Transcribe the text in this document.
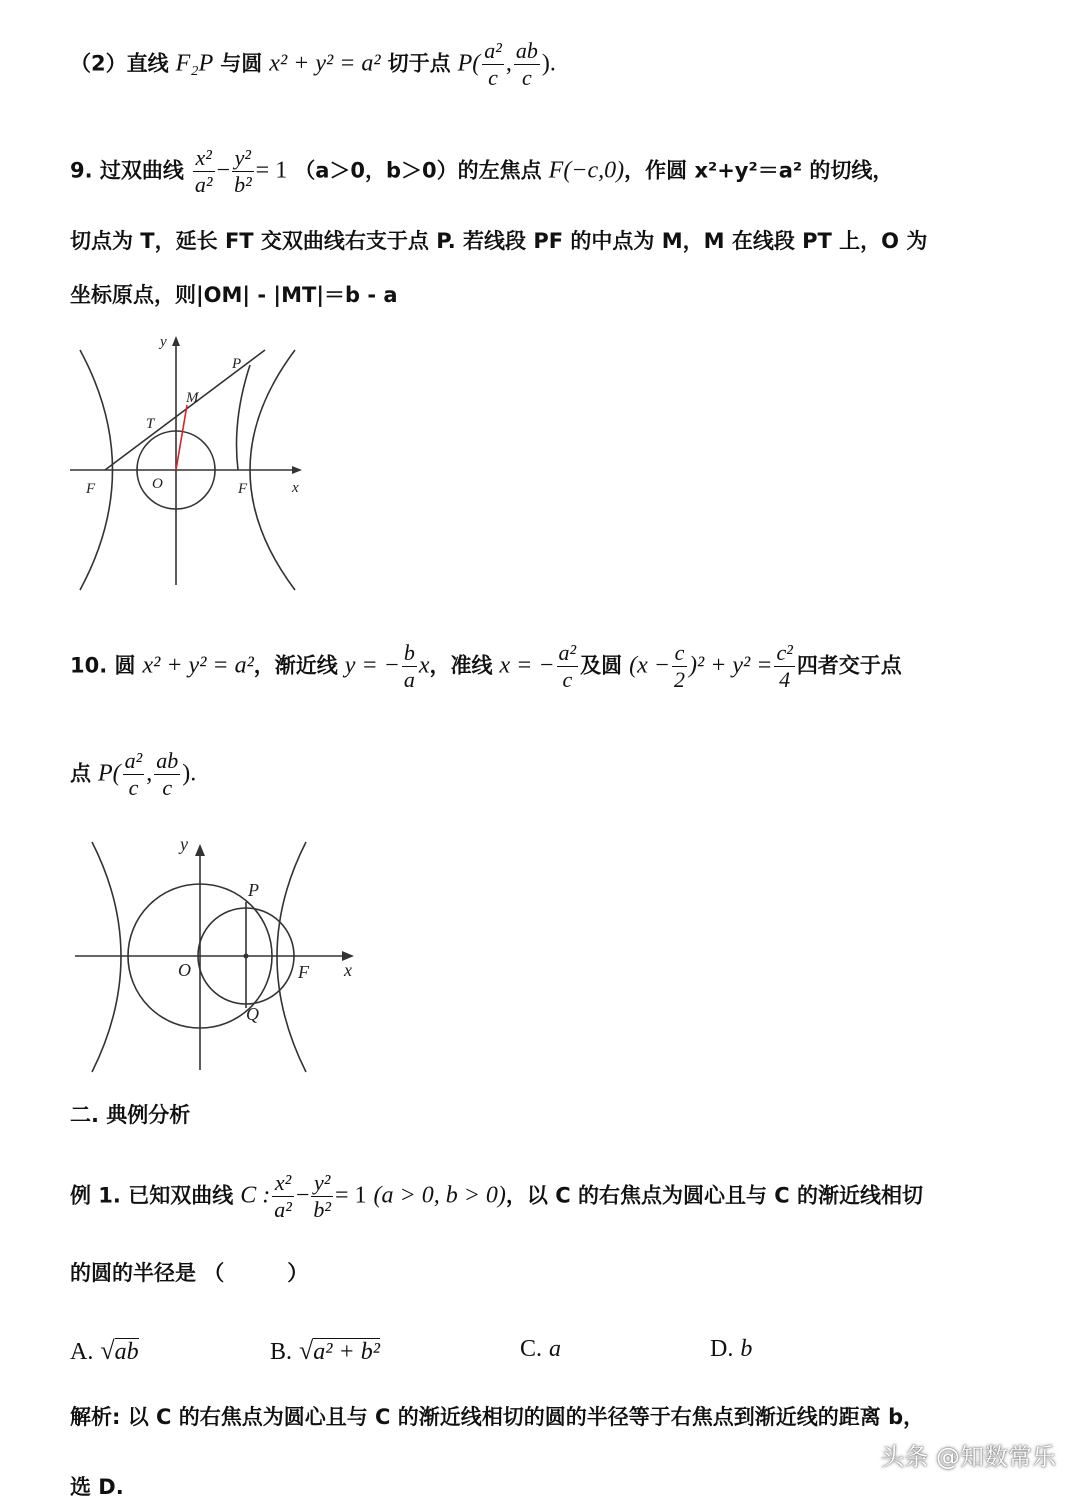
（2）直线 F₂P 与圆 x² + y² = a² 切于点 $P( \frac{\text{a²}}{c}$ , $\frac{ab}{c}$ ).
9. 过双曲线 $\frac{\text{x²}}{\text{a²}} - \frac{\text{y²}}{\text{b²}} = 1$ （a＞0，b＞0）的左焦点 F(−c,0)，作圆 x²+y²＝a² 的切线，
切点为 T，延长 FT 交双曲线右支于点 P. 若线段 PF 的中点为 M，M 在线段 PT 上，O 为
坐标原点，则|OM| - |MT|＝b - a
y
x
P
M
T
F	O	F
10. 圆 x² + y² = a²，渐近线 y = − $\frac{b}{a}$ x，准线 x = − $\frac{\text{a²}}{c}$ 及圆 $(x - \frac{c}{2} )^2 + y^2 = \frac{\text{c²}}{4}$ 四者交于点
点 $P( \frac{\text{a²}}{c}$ , $\frac{ab}{c}$ ).
y
x
P
O	F
Q
二. 典例分析
例 1. 已知双曲线 C : $\frac{\text{x²}}{\text{a²}} - \frac{\text{y²}}{\text{b²}} = 1$ (a > 0, b > 0)，以 C 的右焦点为圆心且与 C 的渐近线相切
的圆的半径是 （　　　）
A. √ab	B. √a² + b²	C. a	D. b
解析: 以 C 的右焦点为圆心且与 C 的渐近线相切的圆的半径等于右焦点到渐近线的距离 b，
选 D.
头条 @知数常乐
